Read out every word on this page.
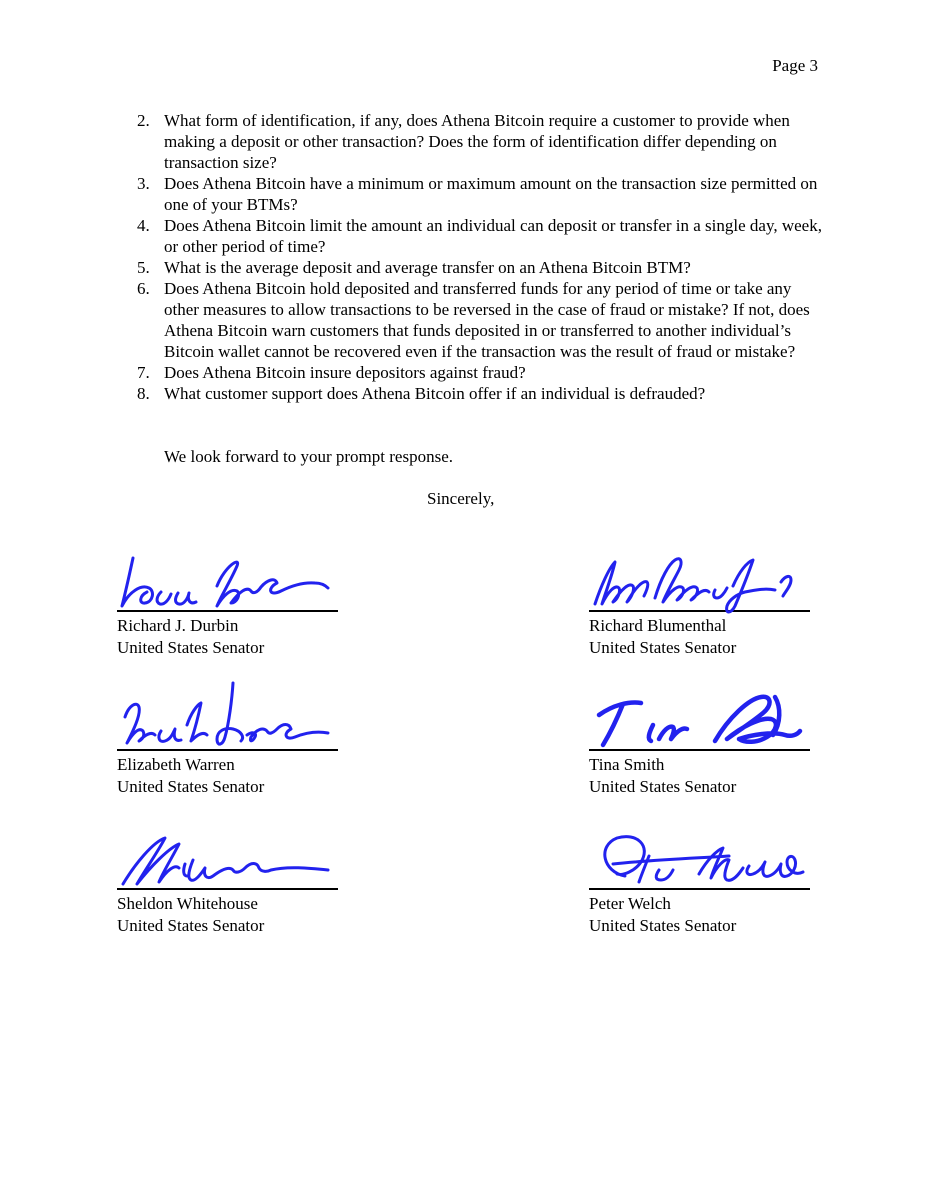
Page 3
2. What form of identification, if any, does Athena Bitcoin require a customer to provide when making a deposit or other transaction? Does the form of identification differ depending on transaction size?
3. Does Athena Bitcoin have a minimum or maximum amount on the transaction size permitted on one of your BTMs?
4. Does Athena Bitcoin limit the amount an individual can deposit or transfer in a single day, week, or other period of time?
5. What is the average deposit and average transfer on an Athena Bitcoin BTM?
6. Does Athena Bitcoin hold deposited and transferred funds for any period of time or take any other measures to allow transactions to be reversed in the case of fraud or mistake? If not, does Athena Bitcoin warn customers that funds deposited in or transferred to another individual’s Bitcoin wallet cannot be recovered even if the transaction was the result of fraud or mistake?
7. Does Athena Bitcoin insure depositors against fraud?
8. What customer support does Athena Bitcoin offer if an individual is defrauded?
We look forward to your prompt response.
Sincerely,
Richard J. Durbin
United States Senator
Richard Blumenthal
United States Senator
Elizabeth Warren
United States Senator
Tina Smith
United States Senator
Sheldon Whitehouse
United States Senator
Peter Welch
United States Senator
